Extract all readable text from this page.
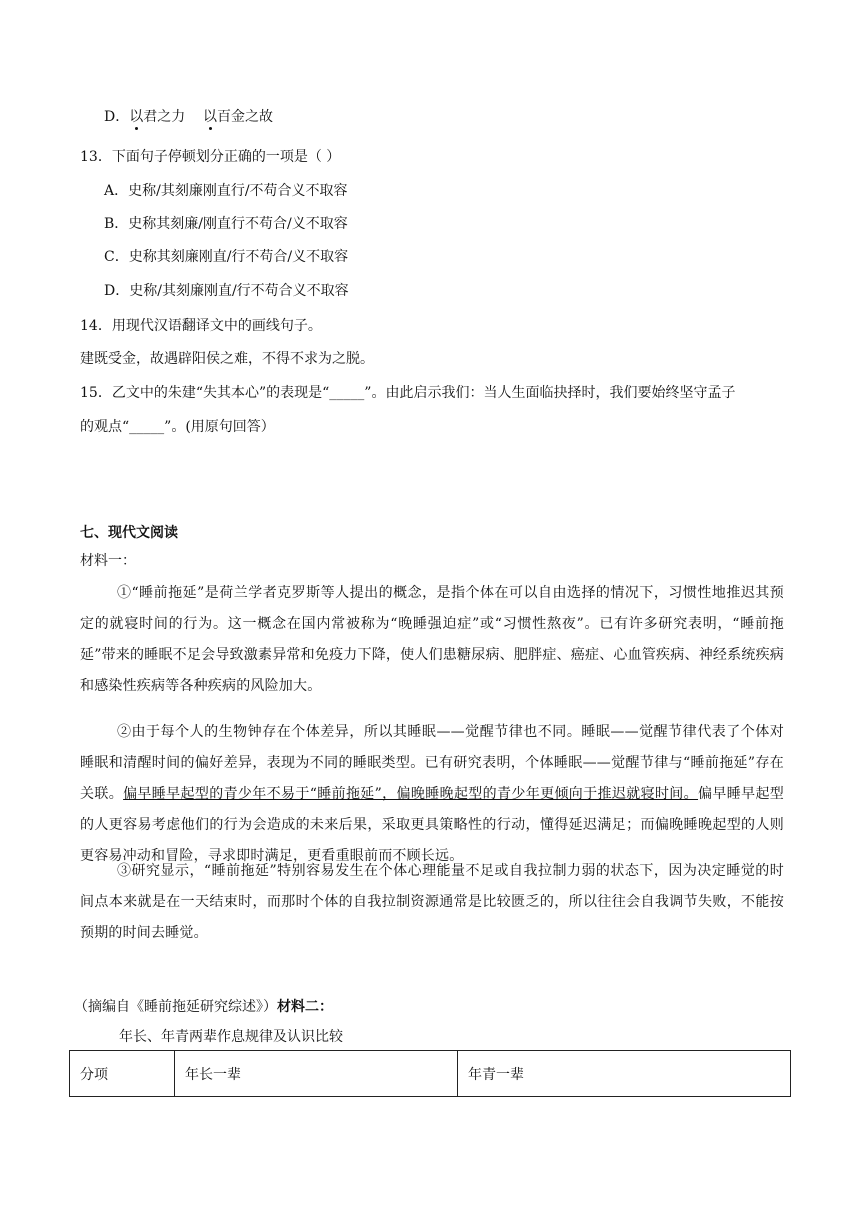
D．以君之力 以百金之故
13．下面句子停顿划分正确的一项是（ ）
A．史称/其刻廉刚直行/不苟合义不取容
B．史称其刻廉/刚直行不苟合/义不取容
C．史称其刻廉刚直/行不苟合/义不取容
D．史称/其刻廉刚直/行不苟合义不取容
14．用现代汉语翻译文中的画线句子。
建既受金，故遇辟阳侯之难，不得不求为之脱。
15．乙文中的朱建“失其本心”的表现是“_____”。由此启示我们：当人生面临抉择时，我们要始终坚守孟子
的观点“_____”。(用原句回答）
七、现代文阅读
材料一：
①“睡前拖延”是荷兰学者克罗斯等人提出的概念，是指个体在可以自由选择的情况下，习惯性地推迟其预定的就寝时间的行为。这一概念在国内常被称为“晚睡强迫症”或“习惯性熬夜”。已有许多研究表明，“睡前拖延”带来的睡眠不足会导致激素异常和免疫力下降，使人们患糖尿病、肥胖症、癌症、心血管疾病、神经系统疾病和感染性疾病等各种疾病的风险加大。
②由于每个人的生物钟存在个体差异，所以其睡眠——觉醒节律也不同。睡眠——觉醒节律代表了个体对睡眠和清醒时间的偏好差异，表现为不同的睡眠类型。已有研究表明，个体睡眠——觉醒节律与“睡前拖延”存在关联。偏早睡早起型的青少年不易于“睡前拖延”，偏晚睡晚起型的青少年更倾向于推迟就寝时间。偏早睡早起型的人更容易考虑他们的行为会造成的未来后果，采取更具策略性的行动，懂得延迟满足；而偏晚睡晚起型的人则更容易冲动和冒险，寻求即时满足，更看重眼前而不顾长远。
③研究显示，“睡前拖延”特别容易发生在个体心理能量不足或自我拉制力弱的状态下，因为决定睡觉的时间点本来就是在一天结束时，而那时个体的自我拉制资源通常是比较匮乏的，所以往往会自我调节失败，不能按预期的时间去睡觉。
（摘编自《睡前拖延研究综述》）材料二：
年长、年青两辈作息规律及认识比较
分项	年长一辈	年青一辈
